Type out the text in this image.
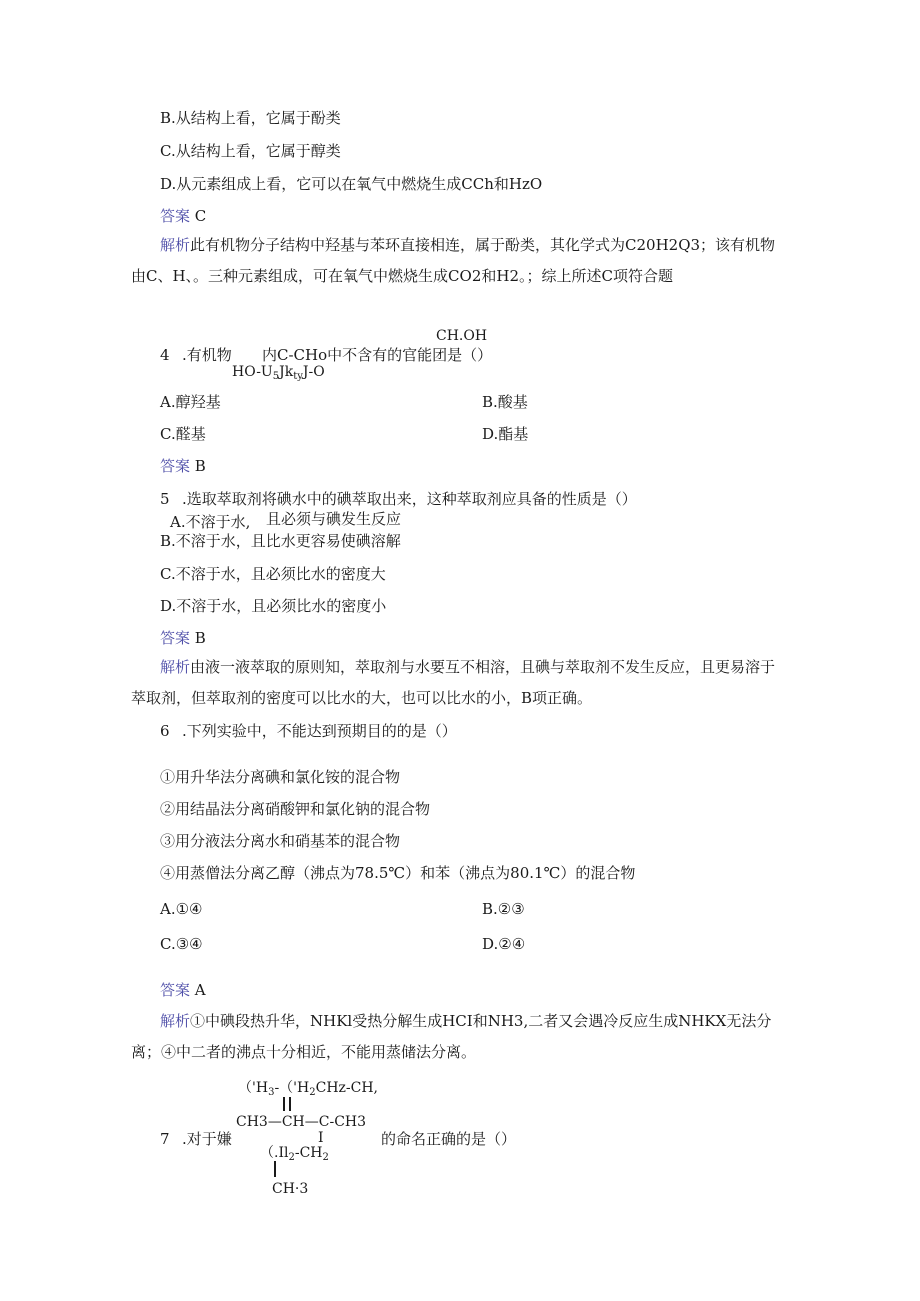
B.从结构上看，它属于酚类
C.从结构上看，它属于醇类
D.从元素组成上看，它可以在氧气中燃烧生成CCh和HzO
答案 C
解析此有机物分子结构中羟基与苯环直接相连，属于酚类，其化学式为C20H2Q3；该有机物
由C、H、。三种元素组成，可在氧气中燃烧生成CO2和H2。；综上所述C项符合题
CH.OH
4 .有机物 内C-CHo中不含有的官能团是（）
$HO-U_5Jk_{ty}J-O$
A.醇羟基	B.酸基
C.醛基	D.酯基
答案 B
5 .选取萃取剂将碘水中的碘萃取出来，这种萃取剂应具备的性质是（）
A.不溶于水, 且必须与碘发生反应
B.不溶于水，且比水更容易使碘溶解
C.不溶于水，且必须比水的密度大
D.不溶于水，且必须比水的密度小
答案 B
解析由液一液萃取的原则知，萃取剂与水要互不相溶，且碘与萃取剂不发生反应，且更易溶于
萃取剂，但萃取剂的密度可以比水的大，也可以比水的小，B项正确。
6 .下列实验中，不能达到预期目的的是（）
①用升华法分离碘和氯化铵的混合物
②用结晶法分离硝酸钾和氯化钠的混合物
③用分液法分离水和硝基苯的混合物
④用蒸僧法分离乙醇（沸点为78.5℃）和苯（沸点为80.1℃）的混合物
A.①④	B.②③
C.③④	D.②④
答案 A
解析①中碘段热升华，NHKl受热分解生成HCI和NH3,二者又会遇冷反应生成NHKX无法分
离；④中二者的沸点十分相近，不能用蒸储法分离。
（'$H_3-('H_2CHz-CH$,
CH3—CH—C-CH3
7 .对于嫌	I	的命名正确的是（）
（$.Il_2-CH_2$
CH·3
